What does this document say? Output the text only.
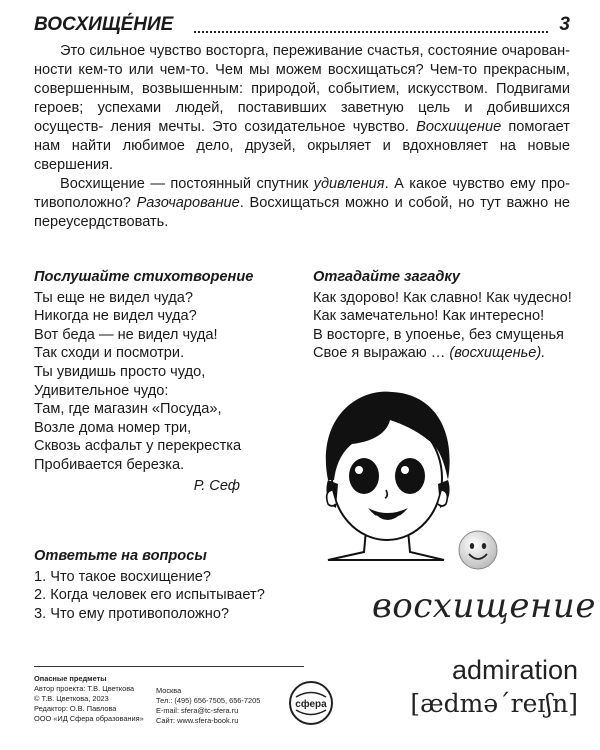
ВОСХИЩЕ́НИЕ	3

Это сильное чувство восторга, переживание счастья, состояние очарован- ности кем-то или чем-то. Чем мы можем восхищаться? Чем-то прекрасным, совершенным, возвышенным: природой, событием, искусством. Подвигами героев; успехами людей, поставивших заветную цель и добившихся осуществ- ления мечты. Это созидательное чувство. Восхищение помогает нам найти любимое дело, друзей, окрыляет и вдохновляет на новые свершения.

Восхищение — постоянный спутник удивления. А какое чувство ему про- тивоположно? Разочарование. Восхищаться можно и собой, но тут важно не переусердствовать.

Послушайте стихотворение
Ты еще не видел чуда?
Никогда не видел чуда?
Вот беда — не видел чуда!
Так сходи и посмотри.
Ты увидишь просто чудо,
Удивительное чудо:
Там, где магазин «Посуда»,
Возле дома номер три,
Сквозь асфальт у перекрестка
Пробивается березка.
Р. Сеф
Отгадайте загадку
Как здорово! Как славно! Как чудесно!
Как замечательно! Как интересно!
В восторге, в упоенье, без смущенья
Свое я выражаю … (восхищенье).
Ответьте на вопросы
1. Что такое восхищение?
2. Когда человек его испытывает?
3. Что ему противоположно?	восхищение
admiration
[ædmə΄reɪʃn]
Опасные предметы
Автор проекта: Т.В. Цветкова
© Т.В. Цветкова, 2023
Редактор: О.В. Павлова
ООО «ИД Сфера образования»
Москва
Тел.: (495) 656-7505, 656-7205
E-mail: sfera@tc-sfera.ru
Сайт: www.sfera-book.ru
сфера
